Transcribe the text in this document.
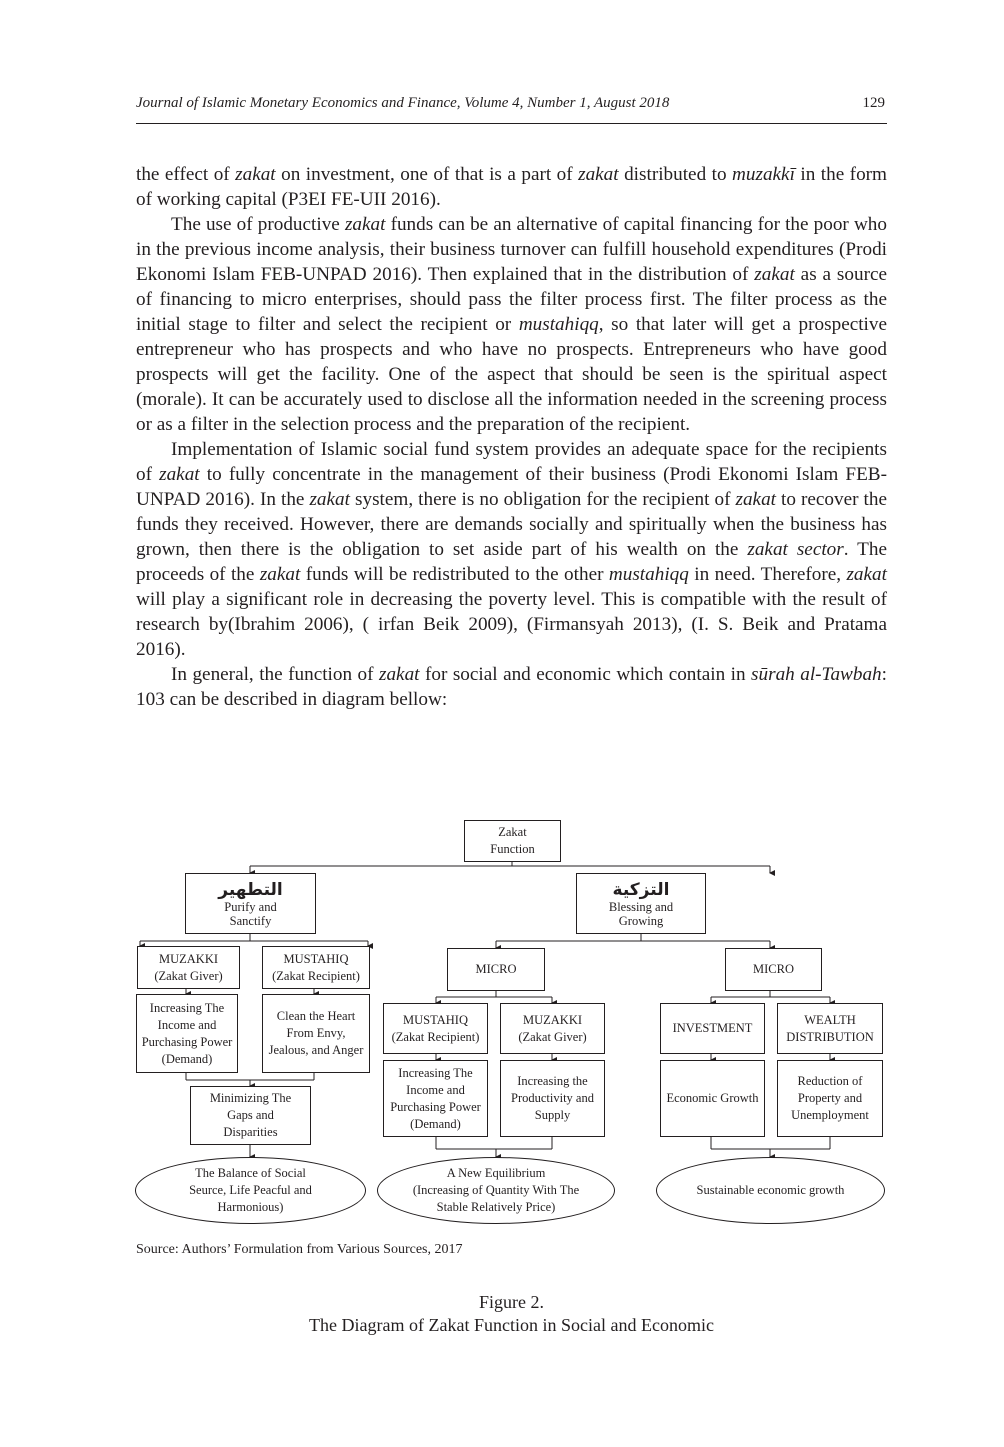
Journal of Islamic Monetary Economics and Finance, Volume 4, Number 1, August 2018	129

the effect of zakat on investment, one of that is a part of zakat distributed to muzakkī in the form of working capital (P3EI FE-UII 2016).

The use of productive zakat funds can be an alternative of capital financing for the poor who in the previous income analysis, their business turnover can fulfill household expenditures (Prodi Ekonomi Islam FEB-UNPAD 2016). Then explained that in the distribution of zakat as a source of financing to micro enterprises, should pass the filter process first. The filter process as the initial stage to filter and select the recipient or mustahiqq, so that later will get a prospective entrepreneur who has prospects and who have no prospects. Entrepreneurs who have good prospects will get the facility. One of the aspect that should be seen is the spiritual aspect (morale). It can be accurately used to disclose all the information needed in the screening process or as a filter in the selection process and the preparation of the recipient.

Implementation of Islamic social fund system provides an adequate space for the recipients of zakat to fully concentrate in the management of their business (Prodi Ekonomi Islam FEB-UNPAD 2016). In the zakat system, there is no obligation for the recipient of zakat to recover the funds they received. However, there are demands socially and spiritually when the business has grown, then there is the obligation to set aside part of his wealth on the zakat sector. The proceeds of the zakat funds will be redistributed to the other mustahiqq in need. Therefore, zakat will play a significant role in decreasing the poverty level. This is compatible with the result of research by(Ibrahim 2006), ( irfan Beik 2009), (Firmansyah 2013), (I. S. Beik and Pratama 2016).

In general, the function of zakat for social and economic which contain in sūrah al-Tawbah: 103 can be described in diagram bellow:

Zakat
Function
التطهير
Purify and
Sanctify
التزكية
Blessing and
Growing
MUZAKKI
(Zakat Giver)
MUSTAHIQ
(Zakat Recipient)	MICRO	MICRO
Increasing The
Income and
Purchasing Power
(Demand)
Clean the Heart
From Envy,
Jealous, and Anger
MUSTAHIQ
(Zakat Recipient)
MUZAKKI
(Zakat Giver)
INVESTMENT
WEALTH
DISTRIBUTION
Minimizing The
Gaps and
Disparities
Increasing The
Income and
Purchasing Power
(Demand)
Increasing the
Productivity and
Supply
Economic Growth
Reduction of
Property and
Unemployment
The Balance of Social
Seurce, Life Peacful and
Harmonious)
A New Equilibrium
(Increasing of Quantity With The
Stable Relatively Price)
Sustainable economic growth
Source: Authors’ Formulation from Various Sources, 2017
Figure 2.
The Diagram of Zakat Function in Social and Economic
